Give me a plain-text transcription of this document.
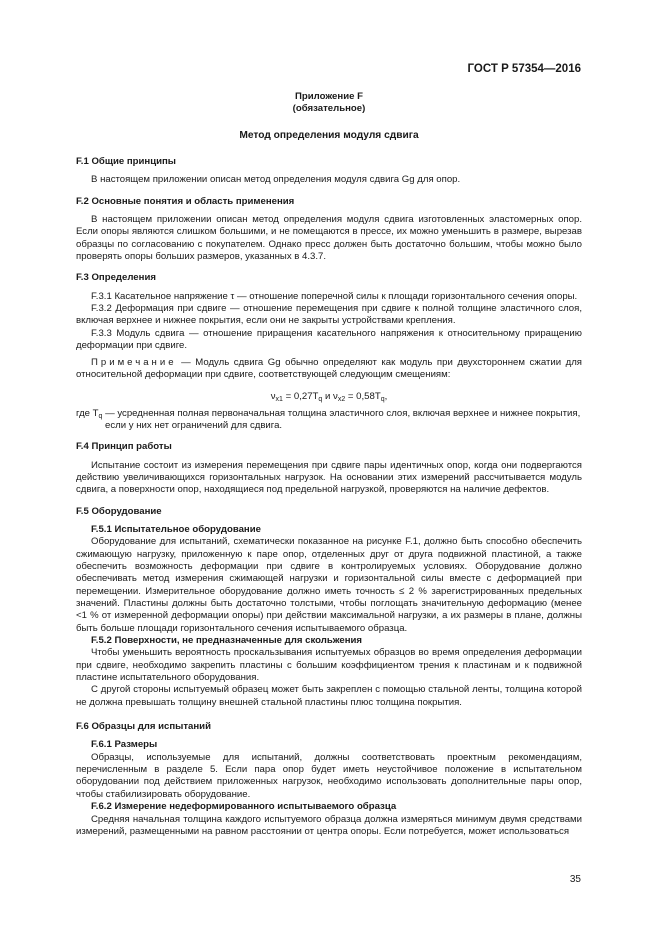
ГОСТ Р 57354—2016

Приложение F

(обязательное)

Метод определения модуля сдвига

F.1 Общие принципы

В настоящем приложении описан метод определения модуля сдвига Gg для опор.

F.2 Основные понятия и область применения

В настоящем приложении описан метод определения модуля сдвига изготовленных эластомерных опор. Если опоры являются слишком большими, и не помещаются в прессе, их можно уменьшить в размере, вырезав образцы по согласованию с покупателем. Однако пресс должен быть достаточно большим, чтобы можно было проверять опоры больших размеров, указанных в 4.3.7.

F.3 Определения

F.3.1 Касательное напряжение τ — отношение поперечной силы к площади горизонтального сечения опоры.

F.3.2 Деформация при сдвиге — отношение перемещения при сдвиге к полной толщине эластичного слоя, включая верхнее и нижнее покрытия, если они не закрыты устройствами крепления.

F.3.3 Модуль сдвига — отношение приращения касательного напряжения к относительному приращению деформации при сдвиге.

Примечание — Модуль сдвига Gg обычно определяют как модуль при двухстороннем сжатии для относительной деформации при сдвиге, соответствующей следующим смещениям:

$\nu_{x1} = 0,27T_q$ и $\nu_{x2} = 0,58T_q$,

где $T_q$ — усредненная полная первоначальная толщина эластичного слоя, включая верхнее и нижнее покрытия,
если у них нет ограничений для сдвига.

F.4 Принцип работы

Испытание состоит из измерения перемещения при сдвиге пары идентичных опор, когда они подвергаются действию увеличивающихся горизонтальных нагрузок. На основании этих измерений рассчитывается модуль сдвига, а поверхности опор, находящиеся под предельной нагрузкой, проверяются на наличие дефектов.

F.5 Оборудование

F.5.1 Испытательное оборудование

Оборудование для испытаний, схематически показанное на рисунке F.1, должно быть способно обеспечить сжимающую нагрузку, приложенную к паре опор, отделенных друг от друга подвижной пластиной, а также обеспечить возможность деформации при сдвиге в контролируемых условиях. Оборудование должно обеспечивать метод измерения сжимающей нагрузки и горизонтальной силы вместе с деформацией при перемещении. Измерительное оборудование должно иметь точность ≤ 2 % зарегистрированных предельных значений. Пластины должны быть достаточно толстыми, чтобы поглощать значительную деформацию (менее <1 % от измеренной деформации опоры) при действии максимальной нагрузки, а их размеры в плане, должны быть больше площади горизонтального сечения испытываемого образца.

F.5.2 Поверхности, не предназначенные для скольжения

Чтобы уменьшить вероятность проскальзывания испытуемых образцов во время определения деформации при сдвиге, необходимо закрепить пластины с большим коэффициентом трения к пластинам и к подвижной пластине испытательного оборудования.

С другой стороны испытуемый образец может быть закреплен с помощью стальной ленты, толщина которой не должна превышать толщину внешней стальной пластины плюс толщина покрытия.

F.6 Образцы для испытаний

F.6.1 Размеры

Образцы, используемые для испытаний, должны соответствовать проектным рекомендациям, перечисленным в разделе 5. Если пара опор будет иметь неустойчивое положение в испытательном оборудовании под действием приложенных нагрузок, необходимо использовать дополнительные пары опор, чтобы стабилизировать оборудование.

F.6.2 Измерение недеформированного испытываемого образца

Средняя начальная толщина каждого испытуемого образца должна измеряться минимум двумя средствами измерений, размещенными на равном расстоянии от центра опоры. Если потребуется, может использоваться

35
